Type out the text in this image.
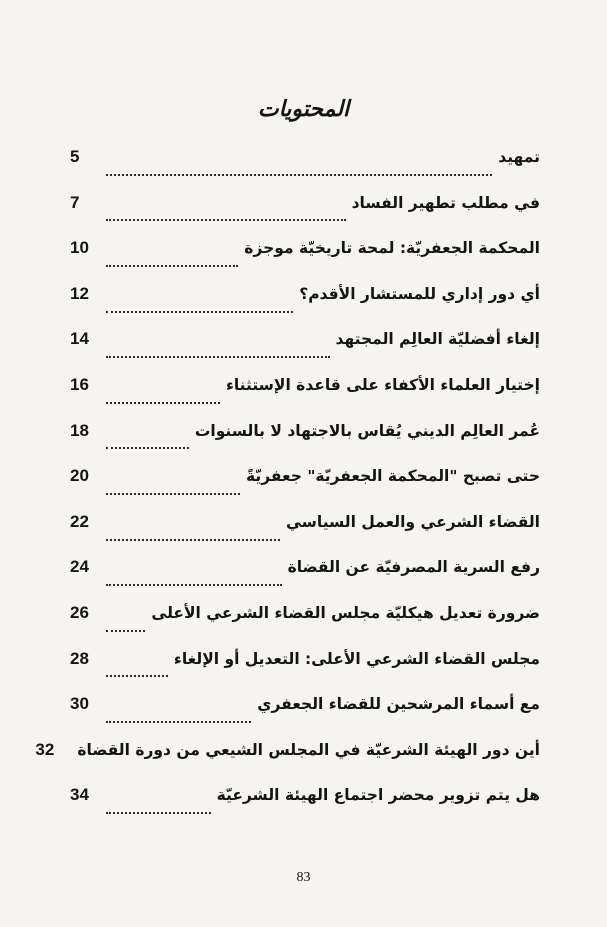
المحتويات
تمهيد
5
في مطلب تطهير الفساد
7
المحكمة الجعفريّة: لمحة تاريخيّة موجزة
10
أي دور إداري للمستشار الأقدم؟
12
إلغاء أفضليّة العالِم المجتهد
14
إختيار العلماء الأكفاء على قاعدة الإستثناء
16
عُمر العالِم الديني يُقاس بالاجتهاد لا بالسنوات
18
حتى تصبح "المحكمة الجعفريّة" جعفريّةً
20
القضاء الشرعي والعمل السياسي
22
رفع السرية المصرفيّة عن القضاة
24
ضرورة تعديل هيكليّة مجلس القضاء الشرعي الأعلى
26
مجلس القضاء الشرعي الأعلى: التعديل أو الإلغاء
28
مع أسماء المرشحين للقضاء الجعفري
30
أين دور الهيئة الشرعيّة في المجلس الشيعي من دورة القضاة
32
هل يتم تزوير محضر اجتماع الهيئة الشرعيّة
34
83
